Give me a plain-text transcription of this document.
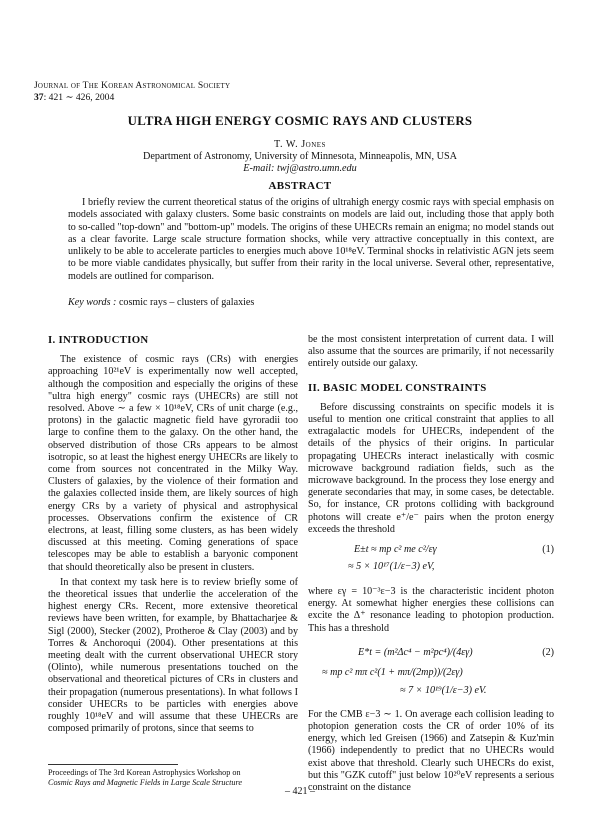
Journal of The Korean Astronomical Society
37: 421 ∼ 426, 2004
ULTRA HIGH ENERGY COSMIC RAYS AND CLUSTERS
T. W. Jones
Department of Astronomy, University of Minnesota, Minneapolis, MN, USA
E-mail: twj@astro.umn.edu
ABSTRACT
I briefly review the current theoretical status of the origins of ultrahigh energy cosmic rays with special emphasis on models associated with galaxy clusters. Some basic constraints on models are laid out, including those that apply both to so-called "top-down" and "bottom-up" models. The origins of these UHECRs remain an enigma; no model stands out as a clear favorite. Large scale structure formation shocks, while very attractive conceptually in this context, are unlikely to be able to accelerate particles to energies much above 10¹⁸eV. Terminal shocks in relativistic AGN jets seem to be more viable candidates physically, but suffer from their rarity in the local universe. Several other, representative, models are outlined for comparison.
Key words : cosmic rays – clusters of galaxies
I. INTRODUCTION

The existence of cosmic rays (CRs) with energies approaching 10²¹eV is experimentally now well accepted, although the composition and especially the origins of these "ultra high energy" cosmic rays (UHECRs) are still not resolved. Above ∼ a few × 10¹⁸eV, CRs of unit charge (e.g., protons) in the galactic magnetic field have gyroradii too large to confine them to the galaxy. On the other hand, the observed distribution of those CRs appears to be almost isotropic, so at least the highest energy UHECRs are likely to come from sources not concentrated in the Milky Way. Clusters of galaxies, by the violence of their formation and the galaxies collected inside them, are likely sources of high energy CRs by a variety of physical and astrophysical processes. Observations confirm the existence of CR electrons, at least, filling some clusters, as has been widely discussed at this meeting. Coming generations of space telescopes may be able to establish a baryonic component that should theoretically also be present in clusters.

In that context my task here is to review briefly some of the theoretical issues that underlie the acceleration of the highest energy CRs. Recent, more extensive theoretical reviews have been written, for example, by Bhattacharjee & Sigl (2000), Stecker (2002), Protheroe & Clay (2003) and by Torres & Anchoroqui (2004). Other presentations at this meeting dealt with the current observational UHECR story (Olinto), while numerous presentations touched on the observational and theoretical pictures of CRs in clusters and their propagation (numerous presentations). In what follows I consider UHECRs to be particles with energies above roughly 10¹⁸eV and will assume that these UHECRs are composed primarily of protons, since that seems to

be the most consistent interpretation of current data. I will also assume that the sources are primarily, if not necessarily entirely outside our galaxy.
II. BASIC MODEL CONSTRAINTS

Before discussing constraints on specific models it is useful to mention one critical constraint that applies to all extragalactic models for UHECRs, independent of the details of the physics of their origins. In particular propagating UHECRs interact inelastically with cosmic microwave background radiation fields, such as the microwave background. In the process they lose energy and generate secondaries that may, in some cases, be detectable. So, for instance, CR protons colliding with background photons will create e⁺/e⁻ pairs when the proton energy exceeds the threshold

E±t ≈ mp c² me c²/εγ
≈ 5 × 10¹⁷(1/ε−3) eV,
(1)
where εγ = 10⁻³ε−3 is the characteristic incident photon energy. At somewhat higher energies these collisions can excite the Δ⁺ resonance leading to photopion production. This has a threshold
E*t = (m²Δc⁴ − m²pc⁴)/(4εγ)
≈ mp c² mπ c²(1 + mπ/(2mp))/(2εγ)
≈ 7 × 10¹⁹(1/ε−3) eV.
(2)
For the CMB ε−3 ∼ 1. On average each collision leading to photopion generation costs the CR of order 10% of its energy, which led Greisen (1966) and Zatsepin & Kuz'min (1966) independently to predict that no UHECRs would exist above that threshold. Clearly such UHECRs do exist, but this "GZK cutoff" just below 10²⁰eV represents a serious constraint on the distance
Proceedings of The 3rd Korean Astrophysics Workshop on
Cosmic Rays and Magnetic Fields in Large Scale Structure
– 421 –
